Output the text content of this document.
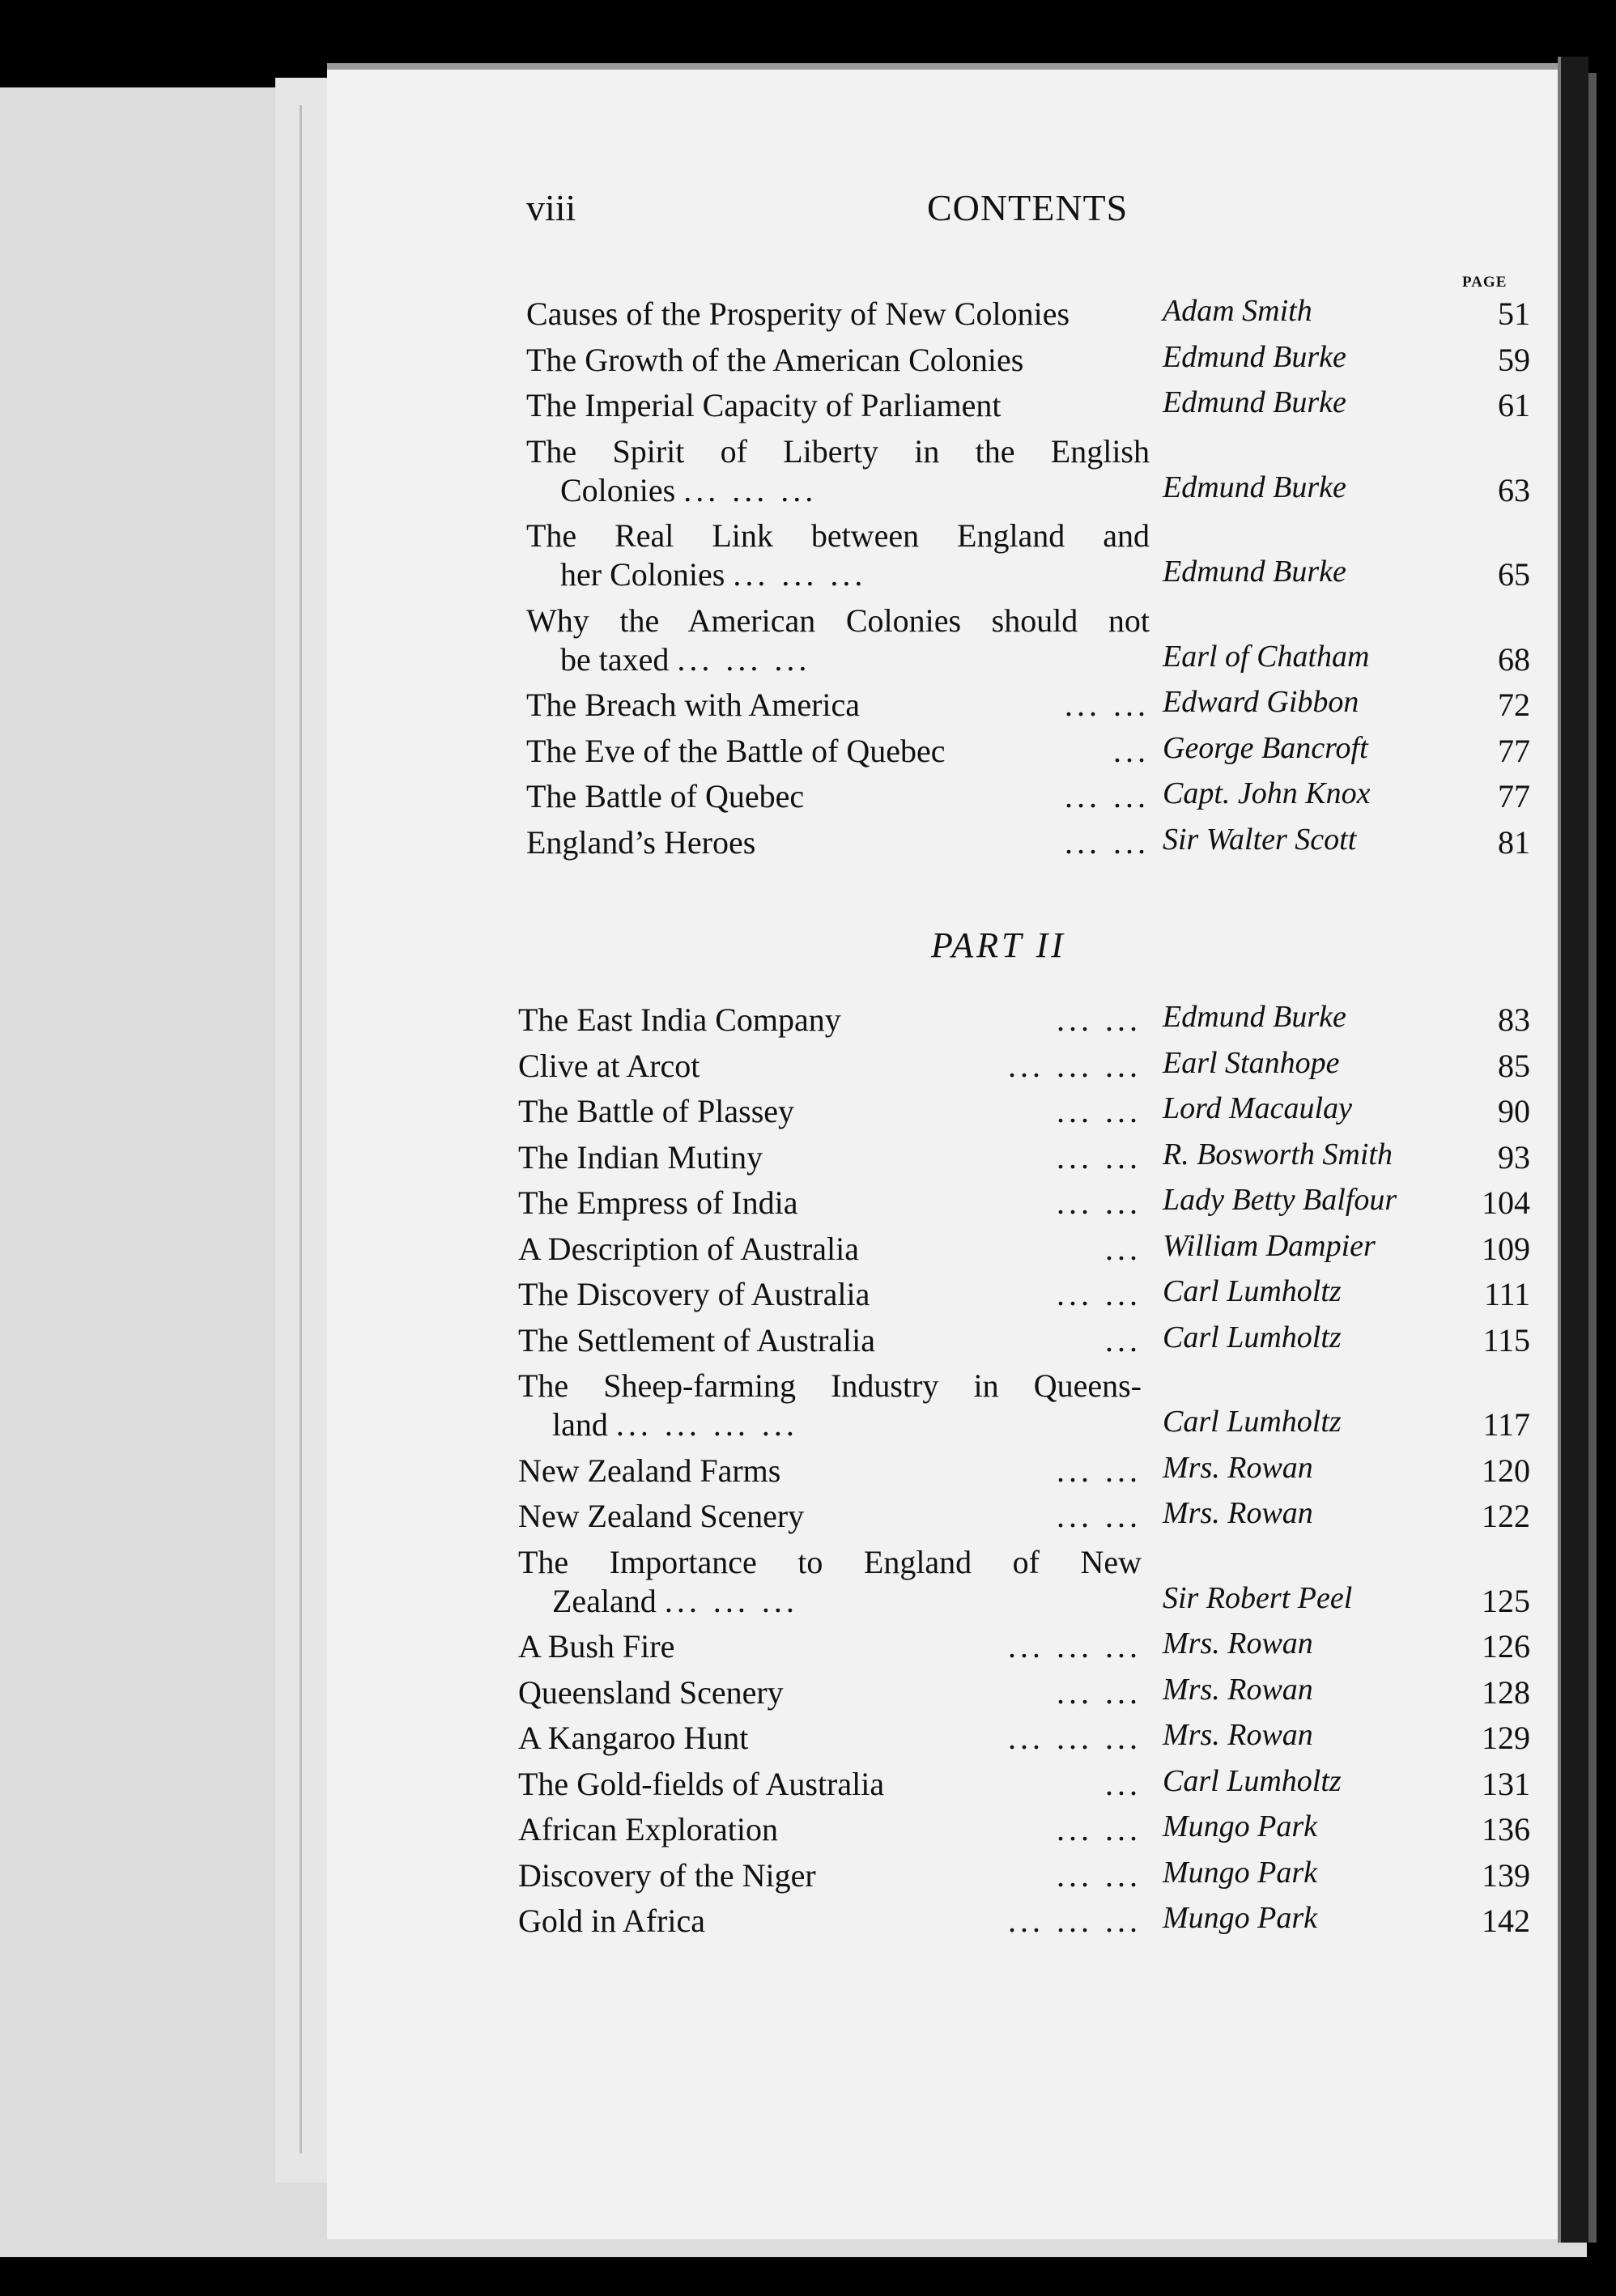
viii	CONTENTS
PAGE
PART II
Causes of the Prosperity of New Colonies	Adam Smith	51
The Growth of the American Colonies	Edmund Burke	59
The Imperial Capacity of Parliament	Edmund Burke	61
The Spirit of Liberty in the English
Colonies ... ... ...	Edmund Burke	63
The Real Link between England and
her Colonies ... ... ...	Edmund Burke	65
Why the American Colonies should not
be taxed ... ... ...	Earl of Chatham	68
The Breach with America	... ... Edward Gibbon	72
The Eve of the Battle of Quebec	... George Bancroft	77
The Battle of Quebec	... ... Capt. John Knox	77
England’s Heroes	... ... Sir Walter Scott	81
The East India Company	... ... Edmund Burke	83
Clive at Arcot	... ... ... Earl Stanhope	85
The Battle of Plassey	... ... Lord Macaulay	90
The Indian Mutiny	... ... R. Bosworth Smith	93
The Empress of India	... ... Lady Betty Balfour	104
A Description of Australia	... William Dampier	109
The Discovery of Australia	... ... Carl Lumholtz	111
The Settlement of Australia	... Carl Lumholtz	115
The Sheep-farming Industry in Queens-
land ... ... ... ...	Carl Lumholtz	117
New Zealand Farms	... ... Mrs. Rowan	120
New Zealand Scenery	... ... Mrs. Rowan	122
The Importance to England of New
Zealand ... ... ...	Sir Robert Peel	125
A Bush Fire	... ... ... Mrs. Rowan	126
Queensland Scenery	... ... Mrs. Rowan	128
A Kangaroo Hunt	... ... ... Mrs. Rowan	129
The Gold-fields of Australia	... Carl Lumholtz	131
African Exploration	... ... Mungo Park	136
Discovery of the Niger	... ... Mungo Park	139
Gold in Africa	... ... ... Mungo Park	142
